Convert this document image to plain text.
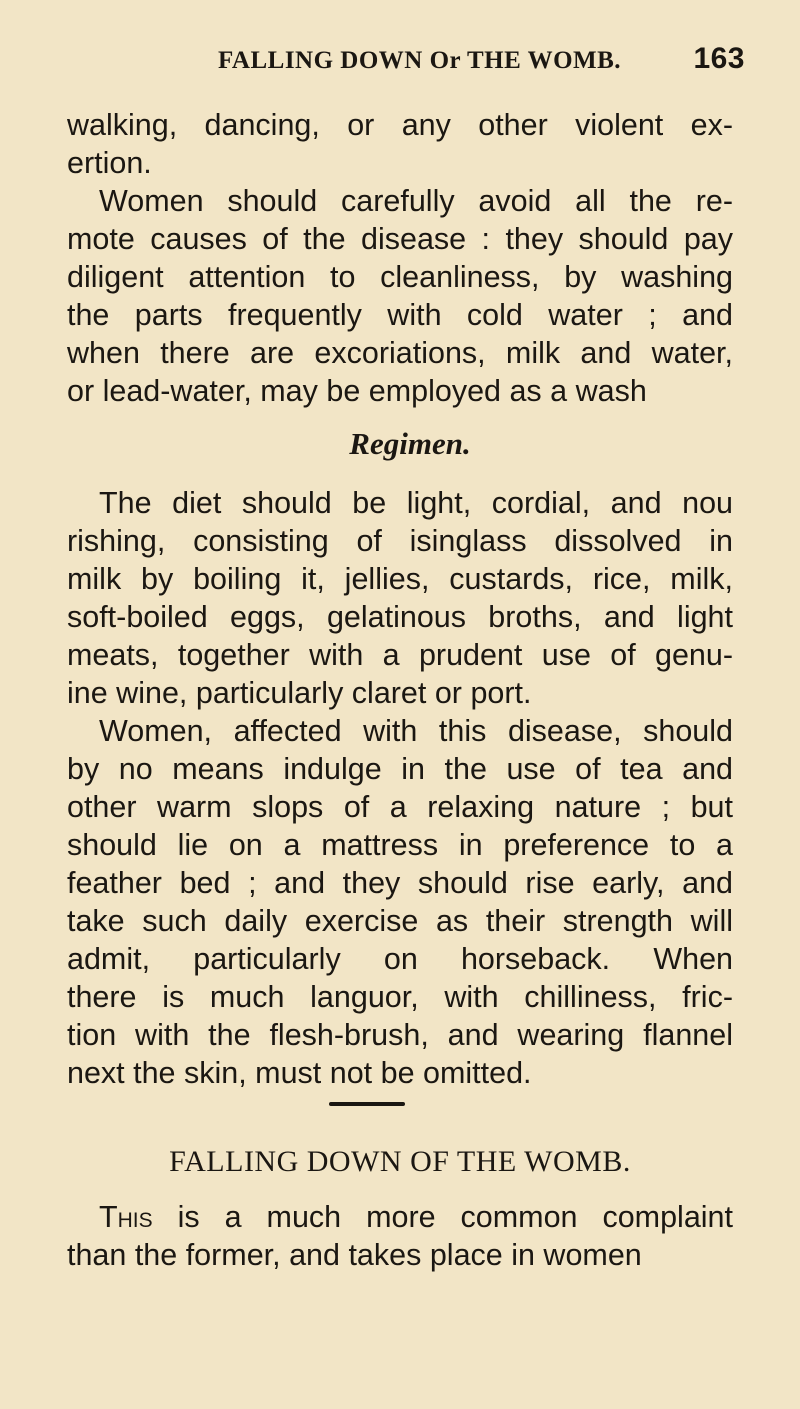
FALLING DOWN Or THE WOMB. 163
walking, dancing, or any other violent ex-
ertion.
Women should carefully avoid all the re-
mote causes of the disease : they should pay
diligent attention to cleanliness, by washing
the parts frequently with cold water ; and
when there are excoriations, milk and water,
or lead-water, may be employed as a wash
Regimen.
The diet should be light, cordial, and nou
rishing, consisting of isinglass dissolved in
milk by boiling it, jellies, custards, rice, milk,
soft-boiled eggs, gelatinous broths, and light
meats, together with a prudent use of genu-
ine wine, particularly claret or port.
Women, affected with this disease, should
by no means indulge in the use of tea and
other warm slops of a relaxing nature ; but
should lie on a mattress in preference to a
feather bed ; and they should rise early, and
take such daily exercise as their strength will
admit, particularly on horseback. When
there is much languor, with chilliness, fric-
tion with the flesh-brush, and wearing flannel
next the skin, must not be omitted.
FALLING DOWN OF THE WOMB.
This is a much more common complaint
than the former, and takes place in women
